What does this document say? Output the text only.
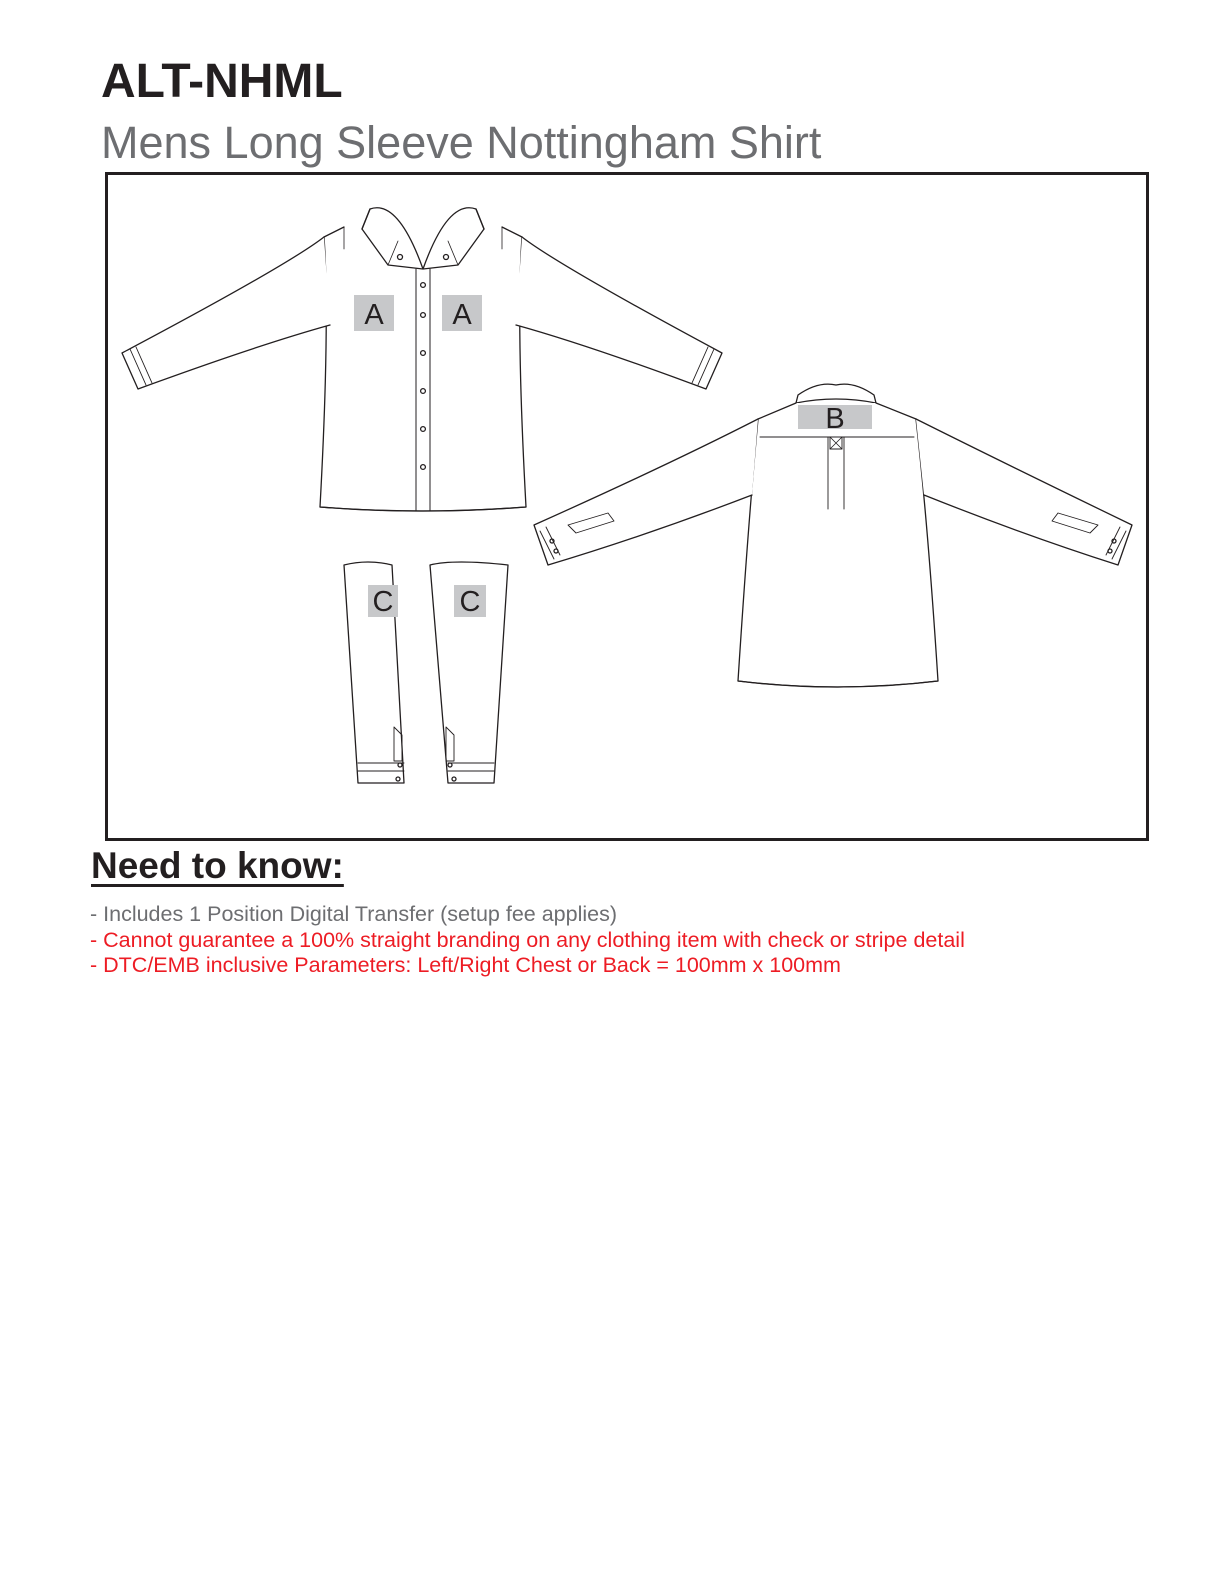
ALT-NHML
Mens Long Sleeve Nottingham Shirt
A A
B
C C
Need to know:
- Includes 1 Position Digital Transfer (setup fee applies)
- Cannot guarantee a 100% straight branding on any clothing item with check or stripe detail
- DTC/EMB inclusive Parameters: Left/Right Chest or Back = 100mm x 100mm
